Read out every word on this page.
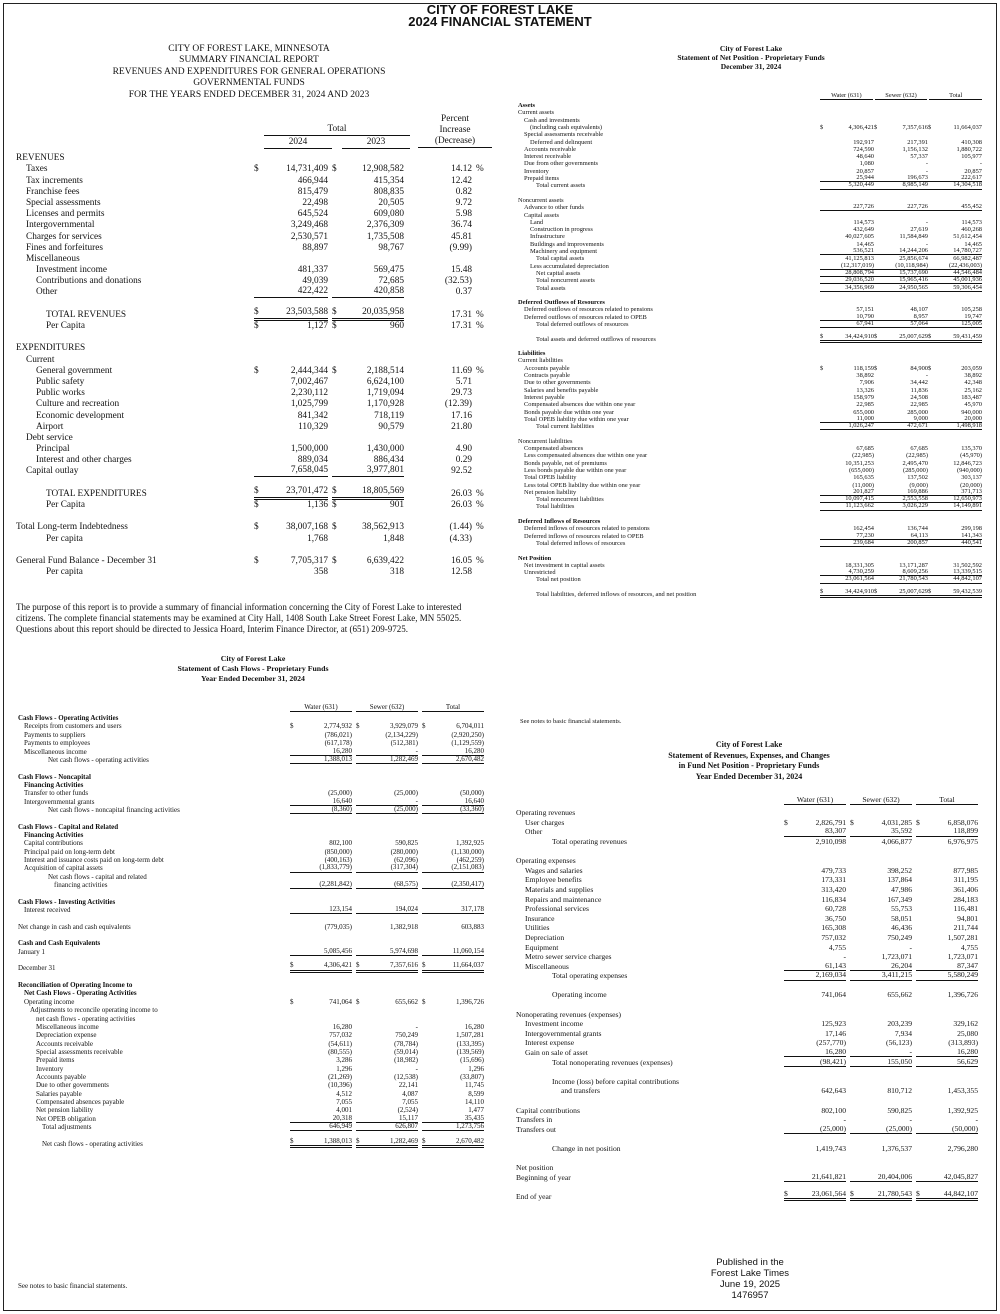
CITY OF FOREST LAKE
2024 FINANCIAL STATEMENT
CITY OF FOREST LAKE, MINNESOTA
SUMMARY FINANCIAL REPORT
REVENUES AND EXPENDITURES FOR GENERAL OPERATIONS
GOVERNMENTAL FUNDS
FOR THE YEARS ENDED DECEMBER 31, 2024 AND 2023
Percent
Increase
(Decrease)
Total
2024	2023
REVENUES
Taxes	$	14,731,409 $	12,908,582	14.12 %
Tax increments	466,944	415,354	12.42
Franchise fees	815,479	808,835	0.82
Special assessments	22,498	20,505	9.72
Licenses and permits	645,524	609,080	5.98
Intergovernmental	3,249,468	2,376,309	36.74
Charges for services	2,530,571	1,735,508	45.81
Fines and forfeitures	88,897	98,767	(9.99)
Miscellaneous
Investment income	481,337	569,475	15.48
Contributions and donations	49,039	72,685	(32.53)
Other	422,422	420,858	0.37
TOTAL REVENUES	$	23,503,588 $	20,035,958	17.31 %
Per Capita	$	1,127 $	960	17.31 %
EXPENDITURES
Current
General government	$	2,444,344 $	2,188,514	11.69 %
Public safety	7,002,467	6,624,100	5.71
Public works	2,230,112	1,719,094	29.73
Culture and recreation	1,025,799	1,170,928	(12.39)
Economic development	841,342	718,119	17.16
Airport	110,329	90,579	21.80
Debt service
Principal	1,500,000	1,430,000	4.90
Interest and other charges	889,034	886,434	0.29
Capital outlay	7,658,045	3,977,801	92.52
TOTAL EXPENDITURES	$	23,701,472 $	18,805,569	26.03 %
Per Capita	$	1,136 $	901	26.03 %
Total Long-term Indebtedness	$	38,007,168 $	38,562,913	(1.44) %
Per capita	1,768	1,848	(4.33)
General Fund Balance - December 31	$	7,705,317 $	6,639,422	16.05 %
Per capita	358	318	12.58
The purpose of this report is to provide a summary of financial information concerning the City of Forest Lake to interested citizens. The complete financial statements may be examined at City Hall, 1408 South Lake Street Forest Lake, MN 55025. Questions about this report should be directed to Jessica Hoard, Interim Finance Director, at (651) 209-9725.
City of Forest Lake
Statement of Net Position - Proprietary Funds
December 31, 2024
Water (631)	Sewer (632)	Total
Assets
Current assets
Cash and investments
(including cash equivalents)	$	4,306,421 $	7,357,616 $	11,664,037
Special assessments receivable
Deferred and delinquent	192,917	217,391	410,308
Accounts receivable	724,590	1,156,132	1,880,722
Interest receivable	48,640	57,337	105,977
Due from other governments	1,080	-	-
Inventory	20,857	-	20,857
Prepaid items	25,944	196,673	222,617
Total current assets	5,320,449	8,985,149	14,304,518
Noncurrent assets
Advance to other funds	227,726	227,726	455,452
Capital assets
Land	114,573	-	114,573
Construction in progress	432,649	27,619	460,268
Infrastructure	40,027,605	11,584,849	51,612,454
Buildings and improvements	14,465	-	14,465
Machinery and equipment	536,521	14,244,206	14,780,727
Total capital assets	41,125,813	25,856,674	66,982,487
Less accumulated depreciation	(12,317,019)	(10,118,984)	(22,436,003)
Net capital assets	28,808,794	15,737,690	44,546,484
Total noncurrent assets	29,036,520	15,965,416	45,001,936
Total assets	34,356,969	24,950,565	59,306,454
Deferred Outflows of Resources
Deferred outflows of resources related to pensions	57,151	48,107	105,258
Deferred outflows of resources related to OPEB	10,790	8,957	19,747
Total deferred outflows of resources	67,941	57,064	125,005
Total assets and deferred outflows of resources	$	34,424,910 $	25,007,629 $	59,431,459
Liabilities
Current liabilities
Accounts payable	$	118,159 $	84,900 $	203,059
Contracts payable	38,892	-	38,892
Due to other governments	7,906	34,442	42,348
Salaries and benefits payable	13,326	11,836	25,162
Interest payable	158,979	24,508	183,487
Compensated absences due within one year	22,985	22,985	45,970
Bonds payable due within one year	655,000	285,000	940,000
Total OPEB liability due within one year	11,000	9,000	20,000
Total current liabilities	1,026,247	472,671	1,498,918
Noncurrent liabilities
Compensated absences	67,685	67,685	135,370
Less compensated absences due within one year	(22,985)	(22,985)	(45,970)
Bonds payable, net of premiums	10,351,253	2,495,470	12,846,723
Less bonds payable due within one year	(655,000)	(285,000)	(940,000)
Total OPEB liability	165,635	137,502	303,137
Less total OPEB liability due within one year	(11,000)	(9,000)	(20,000)
Net pension liability	201,827	169,886	371,713
Total noncurrent liabilities	10,097,415	2,553,558	12,650,973
Total liabilities	11,123,662	3,026,229	14,149,891
Deferred Inflows of Resources
Deferred inflows of resources related to pensions	162,454	136,744	299,198
Deferred inflows of resources related to OPEB	77,230	64,113	141,343
Total deferred inflows of resources	239,684	200,857	440,541
Net Position
Net investment in capital assets	18,331,305	13,171,287	31,502,592
Unrestricted	4,730,259	8,609,256	13,339,515
Total net position	23,061,564	21,780,543	44,842,107
Total liabilities, deferred inflows of resources, and net position	$	34,424,910 $	25,007,629 $	59,432,539
See notes to basic financial statements.
City of Forest Lake
Statement of Cash Flows - Proprietary Funds
Year Ended December 31, 2024
Water (631)	Sewer (632)	Total
Cash Flows - Operating Activities
Receipts from customers and users	$	2,774,932 $	3,929,079 $	6,704,011
Payments to suppliers	(786,021)	(2,134,229)	(2,920,250)
Payments to employees	(617,178)	(512,381)	(1,129,559)
Miscellaneous income	16,280	-	16,280
Net cash flows - operating activities	1,388,013	1,282,469	2,670,482
Cash Flows - Noncapital
Financing Activities
Transfer to other funds	(25,000)	(25,000)	(50,000)
Intergovernmental grants	16,640	-	16,640
Net cash flows - noncapital financing activities	(8,360)	(25,000)	(33,360)
Cash Flows - Capital and Related
Financing Activities
Capital contributions	802,100	590,825	1,392,925
Principal paid on long-term debt	(850,000)	(280,000)	(1,130,000)
Interest and issuance costs paid on long-term debt	(400,163)	(62,096)	(462,259)
Acquisition of capital assets	(1,833,779)	(317,304)	(2,151,083)
Net cash flows - capital and related
financing activities	(2,281,842)	(68,575)	(2,350,417)
Cash Flows - Investing Activities
Interest received	123,154	194,024	317,178
Net change in cash and cash equivalents	(779,035)	1,382,918	603,883
Cash and Cash Equivalents
January 1	5,085,456	5,974,698	11,060,154
December 31	$	4,306,421 $	7,357,616 $	11,664,037
Reconciliation of Operating Income to
Net Cash Flows - Operating Activities
Operating income	$	741,064 $	655,662 $	1,396,726
Adjustments to reconcile operating income to
net cash flows - operating activities
Miscellaneous income	16,280	-	16,280
Depreciation expense	757,032	750,249	1,507,281
Accounts receivable	(54,611)	(78,784)	(133,395)
Special assessments receivable	(80,555)	(59,014)	(139,569)
Prepaid items	3,286	(18,982)	(15,696)
Inventory	1,296	-	1,296
Accounts payable	(21,269)	(12,538)	(33,807)
Due to other governments	(10,396)	22,141	11,745
Salaries payable	4,512	4,087	8,599
Compensated absences payable	7,055	7,055	14,110
Net pension liability	4,001	(2,524)	1,477
Net OPEB obligation	20,318	15,117	35,435
Total adjustments	646,949	626,807	1,273,756
Net cash flows - operating activities	$	1,388,013 $	1,282,469 $	2,670,482
See notes to basic financial statements.
City of Forest Lake
Statement of Revenues, Expenses, and Changes
in Fund Net Position - Proprietary Funds
Year Ended December 31, 2024
Water (631)	Sewer (632)	Total
Operating revenues
User charges	$	2,826,791 $	4,031,285 $	6,858,076
Other	83,307	35,592	118,899
Total operating revenues	2,910,098	4,066,877	6,976,975
Operating expenses
Wages and salaries	479,733	398,252	877,985
Employee benefits	173,331	137,864	311,195
Materials and supplies	313,420	47,986	361,406
Repairs and maintenance	116,834	167,349	284,183
Professional services	60,728	55,753	116,481
Insurance	36,750	58,051	94,801
Utilities	165,308	46,436	211,744
Depreciation	757,032	750,249	1,507,281
Equipment	4,755	-	4,755
Metro sewer service charges	-	1,723,071	1,723,071
Miscellaneous	61,143	26,204	87,347
Total operating expenses	2,169,034	3,411,215	5,580,249
Operating income	741,064	655,662	1,396,726
Nonoperating revenues (expenses)
Investment income	125,923	203,239	329,162
Intergovernmental grants	17,146	7,934	25,080
Interest expense	(257,770)	(56,123)	(313,893)
Gain on sale of asset	16,280	-	16,280
Total nonoperating revenues (expenses)	(98,421)	155,050	56,629
Income (loss) before capital contributions
and transfers	642,643	810,712	1,453,355
Capital contributions	802,100	590,825	1,392,925
Transfers in	-	-	-
Transfers out	(25,000)	(25,000)	(50,000)
Change in net position	1,419,743	1,376,537	2,796,280
Net position
Beginning of year	21,641,821	20,404,006	42,045,827
End of year	$	23,061,564 $	21,780,543 $	44,842,107
Published in the
Forest Lake Times
June 19, 2025
1476957
